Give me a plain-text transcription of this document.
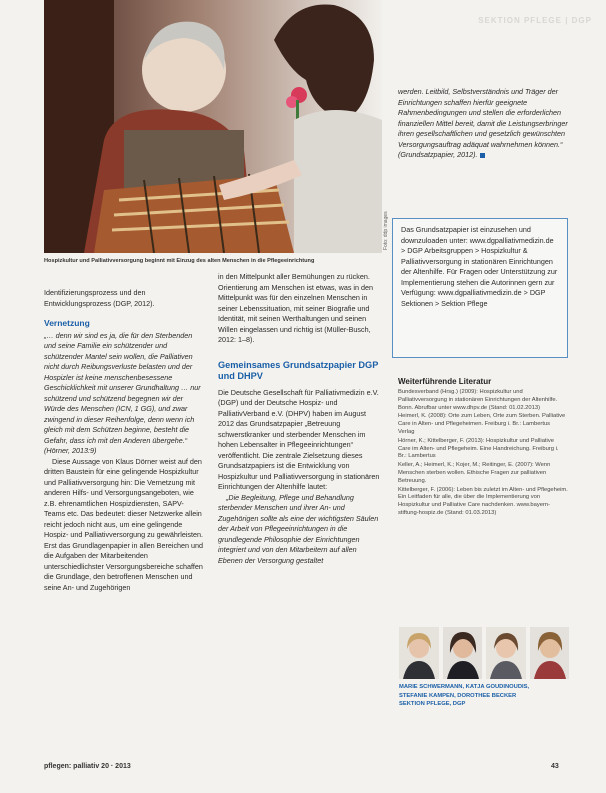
SEKTION PFLEGE | DGP
Hospizkultur und Palliativversorgung beginnt mit Einzug des alten Menschen in die Pflegeeinrichtung
Foto: ddp images

Identifizierungsprozess und den Entwicklungsprozess (DGP, 2012).

Vernetzung

„… denn wir sind es ja, die für den Sterbenden und seine Familie ein schützender und schützender Mantel sein wollen, die Palliativen nicht durch Reibungsverluste belasten und der Hospizler ist keine menschenbesessene Geschicklichkeit mit unserer Grundhaltung … nur schützend und schützend begegnen wir der Würde des Menschen (ICN, 1 GG), und zwar zwingend in dieser Reihenfolge, denn wenn ich gleich mit dem Schützen beginne, besteht die Gefahr, dass ich mit den Anderen übergehe.“ (Hörner, 2013:9)

Diese Aussage von Klaus Dörner weist auf den dritten Baustein für eine gelingende Hospizkultur und Palliativversorgung hin: Die Vernetzung mit anderen Hilfs- und Versorgungsangeboten, wie z.B. ehrenamtlichen Hospizdiensten, SAPV-Teams etc. Das bedeutet: dieser Netzwerke allein reicht jedoch nicht aus, um eine gelingende Hospiz- und Palliativversorgung zu gewährleisten. Erst das Grundlagenpapier in allen Bereichen und die Aufgaben der Mitarbeitenden unterschiedlichster Versorgungsbereiche schaffen die Grundlage, den betroffenen Menschen und seine An- und Zugehörigen

in den Mittelpunkt aller Bemühungen zu rücken. Orientierung am Menschen ist etwas, was in den Mittelpunkt was für den einzelnen Menschen in seiner Lebenssituation, mit seiner Biografie und Identität, mit seinen Werthaltungen und seinen Willen eingelassen und richtig ist (Müller-Busch, 2012: 1–8).

Gemeinsames Grundsatzpapier DGP und DHPV

Die Deutsche Gesellschaft für Palliativmedizin e.V. (DGP) und der Deutsche Hospiz- und PalliativVerband e.V. (DHPV) haben im August 2012 das Grundsatzpapier „Betreuung schwerstkranker und sterbender Menschen im hohen Lebensalter in Pflegeeinrichtungen“ veröffentlicht. Die zentrale Zielsetzung dieses Grundsatzpapiers ist die Entwicklung von Hospizkultur und Palliativversorgung in stationären Einrichtungen der Altenhilfe lautet:

„Die Begleitung, Pflege und Behandlung sterbender Menschen und ihrer An- und Zugehörigen sollte als eine der wichtigsten Säulen der Arbeit von Pflegeeinrichtungen in die grundlegende Philosophie der Einrichtungen integriert und von den Mitarbeitern auf allen Ebenen der Versorgung gestaltet

werden. Leitbild, Selbstverständnis und Träger der Einrichtungen schaffen hierfür geeignete Rahmenbedingungen und stellen die erforderlichen finanziellen Mittel bereit, damit die Leistungserbringer ihren gesellschaftlichen und gesetzlich gewünschten Versorgungsauftrag adäquat wahrnehmen können.“ (Grundsatzpapier, 2012).

Das Grundsatzpapier ist einzusehen und downzuloaden unter: www.dgpalliativmedizin.de > DGP Arbeitsgruppen > Hospizkultur & Palliativversorgung in stationären Einrichtungen der Altenhilfe. Für Fragen oder Unterstützung zur Implementierung stehen die Autorinnen gern zur Verfügung: www.dgpalliativmedizin.de > DGP Sektionen > Sektion Pflege
Weiterführende Literatur
Bundesverband (Hrsg.) (2009): Hospizkultur und Palliativversorgung in stationären Einrichtungen der Altenhilfe. Bonn. Abrufbar unter www.dhpv.de (Stand: 01.02.2013)
Heimerl, K. (2008): Orte zum Leben, Orte zum Sterben. Palliative Care in Alten- und Pflegeheimen. Freiburg i. Br.: Lambertus Verlag
Hörner, K.; Kittelberger, F. (2013): Hospizkultur und Palliative Care im Alten- und Pflegeheim. Eine Handreichung. Freiburg i. Br.: Lambertus
Keller, A.; Heimerl, K.; Kojer, M.; Reitinger, E. (2007): Wenn Menschen sterben wollen. Ethische Fragen zur palliativen Betreuung.
Kittelberger, F. (2006): Leben bis zuletzt im Alten- und Pflegeheim. Ein Leitfaden für alle, die über die Implementierung von Hospizkultur und Palliative Care nachdenken. www.bayern-stiftung-hospiz.de (Stand: 01.03.2013)
MARIE SCHWERMANN, KATJA GOUDINOUDIS,
STEFANIE KAMPEN, DOROTHEE BECKER
SEKTION PFLEGE, DGP
pflegen: palliativ 20 · 2013	43
